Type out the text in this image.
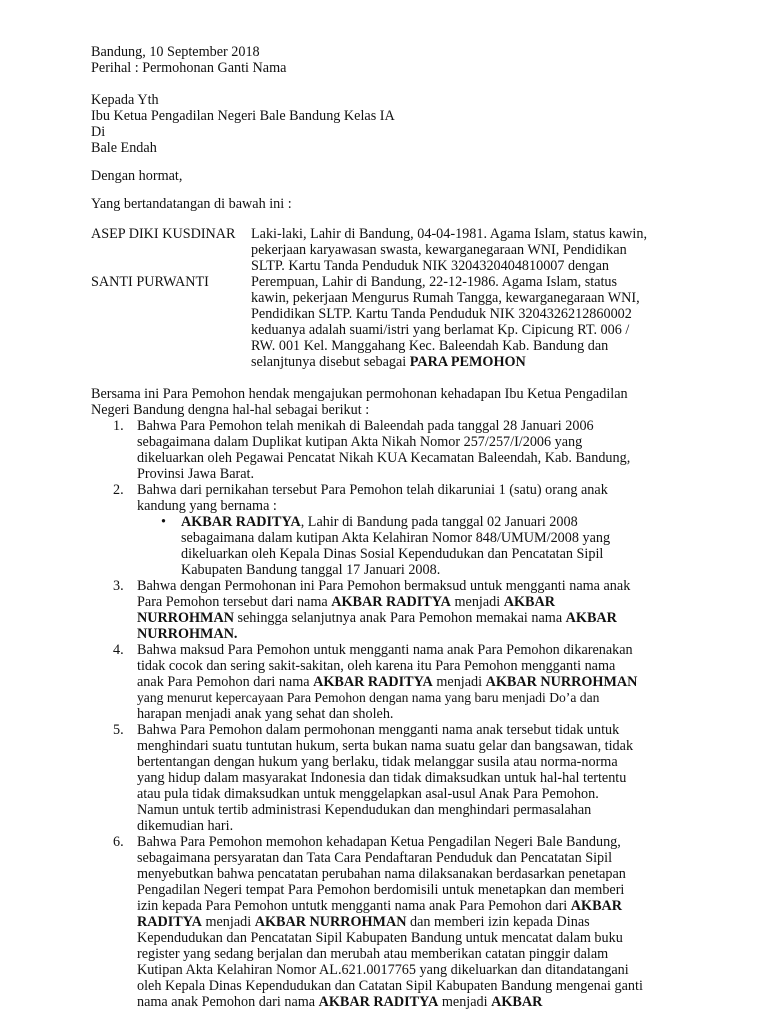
Bandung, 10 September 2018

Perihal : Permohonan Ganti Nama

Kepada Yth

Ibu Ketua Pengadilan Negeri Bale Bandung Kelas IA

Di

Bale Endah

Dengan hormat,

Yang bertandatangan di bawah ini :

ASEP DIKI KUSDINAR

SANTI PURWANTI

Laki-laki, Lahir di Bandung, 04-04-1981. Agama Islam, status kawin,
pekerjaan karyawasan swasta, kewarganegaraan WNI, Pendidikan
SLTP. Kartu Tanda Penduduk NIK 3204320404810007 dengan
Perempuan, Lahir di Bandung, 22-12-1986. Agama Islam, status
kawin, pekerjaan Mengurus Rumah Tangga, kewarganegaraan WNI,
Pendidikan SLTP. Kartu Tanda Penduduk NIK 3204326212860002
keduanya adalah suami/istri yang berlamat Kp. Cipicung RT. 006 /
RW. 001 Kel. Manggahang Kec. Baleendah Kab. Bandung dan
selanjtunya disebut sebagai PARA PEMOHON

Bersama ini Para Pemohon hendak mengajukan permohonan kehadapan Ibu Ketua Pengadilan

Negeri Bandung dengna hal-hal sebagai berikut :

1. Bahwa Para Pemohon telah menikah di Baleendah pada tanggal 28 Januari 2006
sebagaimana dalam Duplikat kutipan Akta Nikah Nomor 257/257/I/2006 yang
dikeluarkan oleh Pegawai Pencatat Nikah KUA Kecamatan Baleendah, Kab. Bandung,
Provinsi Jawa Barat.
2. Bahwa dari pernikahan tersebut Para Pemohon telah dikaruniai 1 (satu) orang anak
kandung yang bernama :
• AKBAR RADITYA, Lahir di Bandung pada tanggal 02 Januari 2008
sebagaimana dalam kutipan Akta Kelahiran Nomor 848/UMUM/2008 yang
dikeluarkan oleh Kepala Dinas Sosial Kependudukan dan Pencatatan Sipil
Kabupaten Bandung tanggal 17 Januari 2008.
3. Bahwa dengan Permohonan ini Para Pemohon bermaksud untuk mengganti nama anak
Para Pemohon tersebut dari nama AKBAR RADITYA menjadi AKBAR
NURROHMAN sehingga selanjutnya anak Para Pemohon memakai nama AKBAR
NURROHMAN.
4. Bahwa maksud Para Pemohon untuk mengganti nama anak Para Pemohon dikarenakan
tidak cocok dan sering sakit-sakitan, oleh karena itu Para Pemohon mengganti nama
anak Para Pemohon dari nama AKBAR RADITYA menjadi AKBAR NURROHMAN
yang menurut kepercayaan Para Pemohon dengan nama yang baru menjadi Do’a dan
harapan menjadi anak yang sehat dan sholeh.
5. Bahwa Para Pemohon dalam permohonan mengganti nama anak tersebut tidak untuk
menghindari suatu tuntutan hukum, serta bukan nama suatu gelar dan bangsawan, tidak
bertentangan dengan hukum yang berlaku, tidak melanggar susila atau norma-norma
yang hidup dalam masyarakat Indonesia dan tidak dimaksudkan untuk hal-hal tertentu
atau pula tidak dimaksudkan untuk menggelapkan asal-usul Anak Para Pemohon.
Namun untuk tertib administrasi Kependudukan dan menghindari permasalahan
dikemudian hari.
6. Bahwa Para Pemohon memohon kehadapan Ketua Pengadilan Negeri Bale Bandung,
sebagaimana persyaratan dan Tata Cara Pendaftaran Penduduk dan Pencatatan Sipil
menyebutkan bahwa pencatatan perubahan nama dilaksanakan berdasarkan penetapan
Pengadilan Negeri tempat Para Pemohon berdomisili untuk menetapkan dan memberi
izin kepada Para Pemohon untutk mengganti nama anak Para Pemohon dari AKBAR
RADITYA menjadi AKBAR NURROHMAN dan memberi izin kepada Dinas
Kependudukan dan Pencatatan Sipil Kabupaten Bandung untuk mencatat dalam buku
register yang sedang berjalan dan merubah atau memberikan catatan pinggir dalam
Kutipan Akta Kelahiran Nomor AL.621.0017765 yang dikeluarkan dan ditandatangani
oleh Kepala Dinas Kependudukan dan Catatan Sipil Kabupaten Bandung mengenai ganti
nama anak Pemohon dari nama AKBAR RADITYA menjadi AKBAR
